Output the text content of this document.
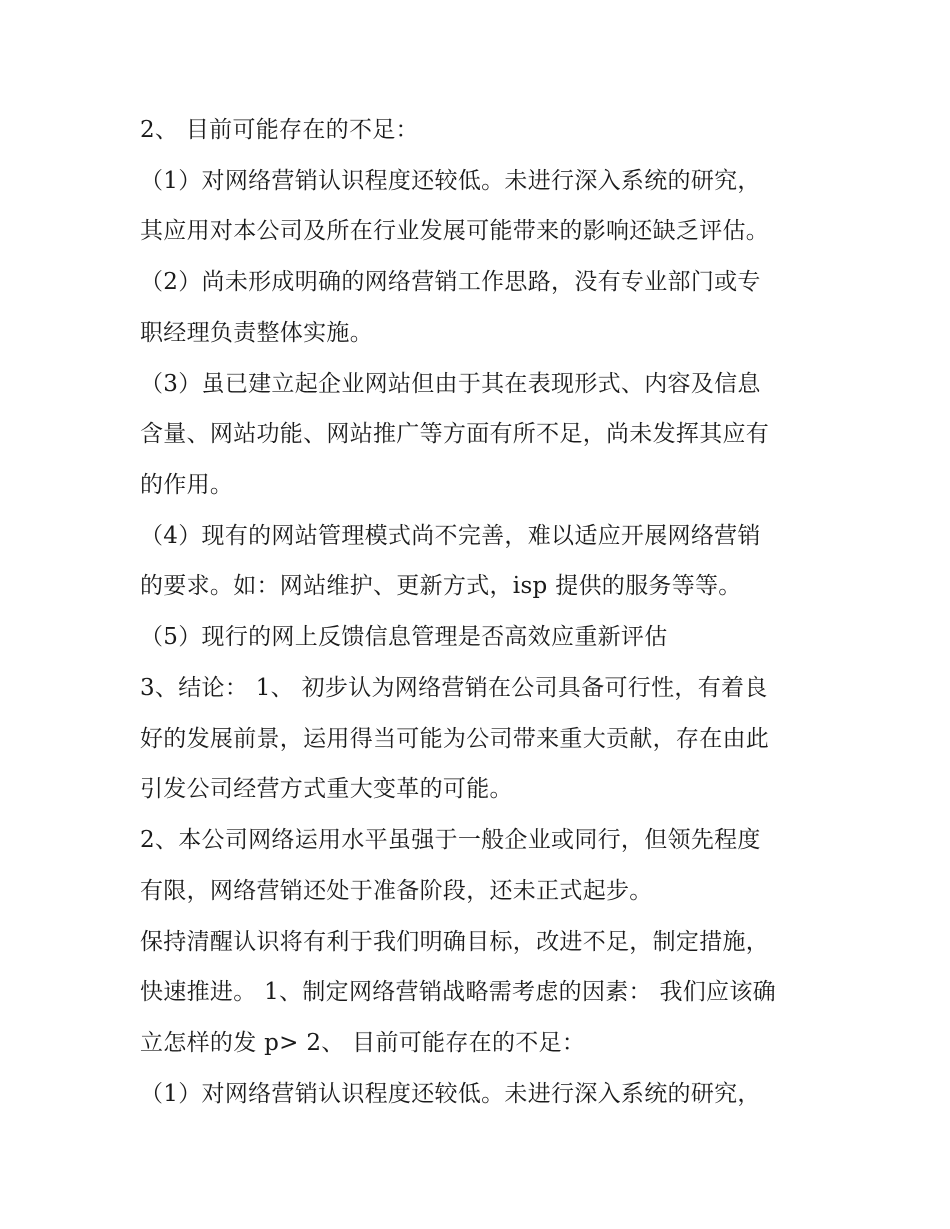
2、 目前可能存在的不足：
（1）对网络营销认识程度还较低。未进行深入系统的研究，
其应用对本公司及所在行业发展可能带来的影响还缺乏评估。
（2）尚未形成明确的网络营销工作思路，没有专业部门或专
职经理负责整体实施。
（3）虽已建立起企业网站但由于其在表现形式、内容及信息
含量、网站功能、网站推广等方面有所不足，尚未发挥其应有
的作用。
（4）现有的网站管理模式尚不完善，难以适应开展网络营销
的要求。如：网站维护、更新方式，isp 提供的服务等等。
（5）现行的网上反馈信息管理是否高效应重新评估
3、结论： 1、 初步认为网络营销在公司具备可行性，有着良
好的发展前景，运用得当可能为公司带来重大贡献，存在由此
引发公司经营方式重大变革的可能。
2、本公司网络运用水平虽强于一般企业或同行，但领先程度
有限，网络营销还处于准备阶段，还未正式起步。
保持清醒认识将有利于我们明确目标，改进不足，制定措施，
快速推进。 1、制定网络营销战略需考虑的因素： 我们应该确
立怎样的发 p> 2、 目前可能存在的不足：
（1）对网络营销认识程度还较低。未进行深入系统的研究，
